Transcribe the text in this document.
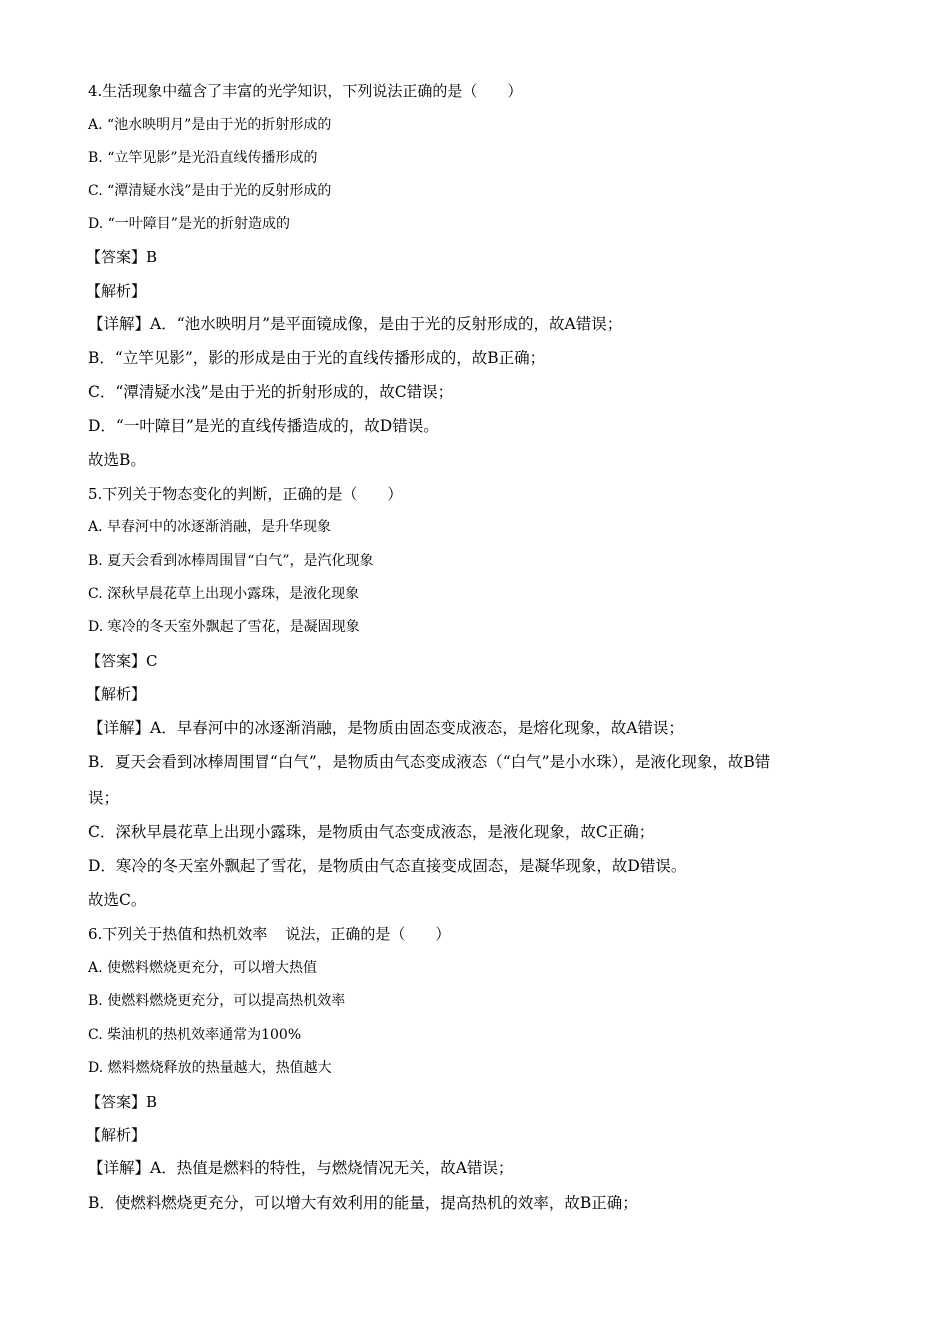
4.生活现象中蕴含了丰富的光学知识，下列说法正确的是（　　）
A. “池水映明月”是由于光的折射形成的
B. “立竿见影”是光沿直线传播形成的
C. “潭清疑水浅”是由于光的反射形成的
D. “一叶障目”是光的折射造成的
【答案】B
【解析】
【详解】A．“池水映明月”是平面镜成像，是由于光的反射形成的，故A错误；
B．“立竿见影”，影的形成是由于光的直线传播形成的，故B正确；
C．“潭清疑水浅”是由于光的折射形成的，故C错误；
D．“一叶障目”是光的直线传播造成的，故D错误。
故选B。
5.下列关于物态变化的判断，正确的是（　　）
A. 早春河中的冰逐渐消融，是升华现象
B. 夏天会看到冰棒周围冒“白气”，是汽化现象
C. 深秋早晨花草上出现小露珠，是液化现象
D. 寒冷的冬天室外飘起了雪花，是凝固现象
【答案】C
【解析】
【详解】A．早春河中的冰逐渐消融，是物质由固态变成液态，是熔化现象，故A错误；
B．夏天会看到冰棒周围冒“白气”，是物质由气态变成液态（“白气”是小水珠），是液化现象，故B错
误；
C．深秋早晨花草上出现小露珠，是物质由气态变成液态，是液化现象，故C正确；
D．寒冷的冬天室外飘起了雪花，是物质由气态直接变成固态，是凝华现象，故D错误。
故选C。
6.下列关于热值和热机效率 说法，正确的是（　　）
A. 使燃料燃烧更充分，可以增大热值
B. 使燃料燃烧更充分，可以提高热机效率
C. 柴油机的热机效率通常为100%
D. 燃料燃烧释放的热量越大，热值越大
【答案】B
【解析】
【详解】A．热值是燃料的特性，与燃烧情况无关，故A错误；
B．使燃料燃烧更充分，可以增大有效利用的能量，提高热机的效率，故B正确；
